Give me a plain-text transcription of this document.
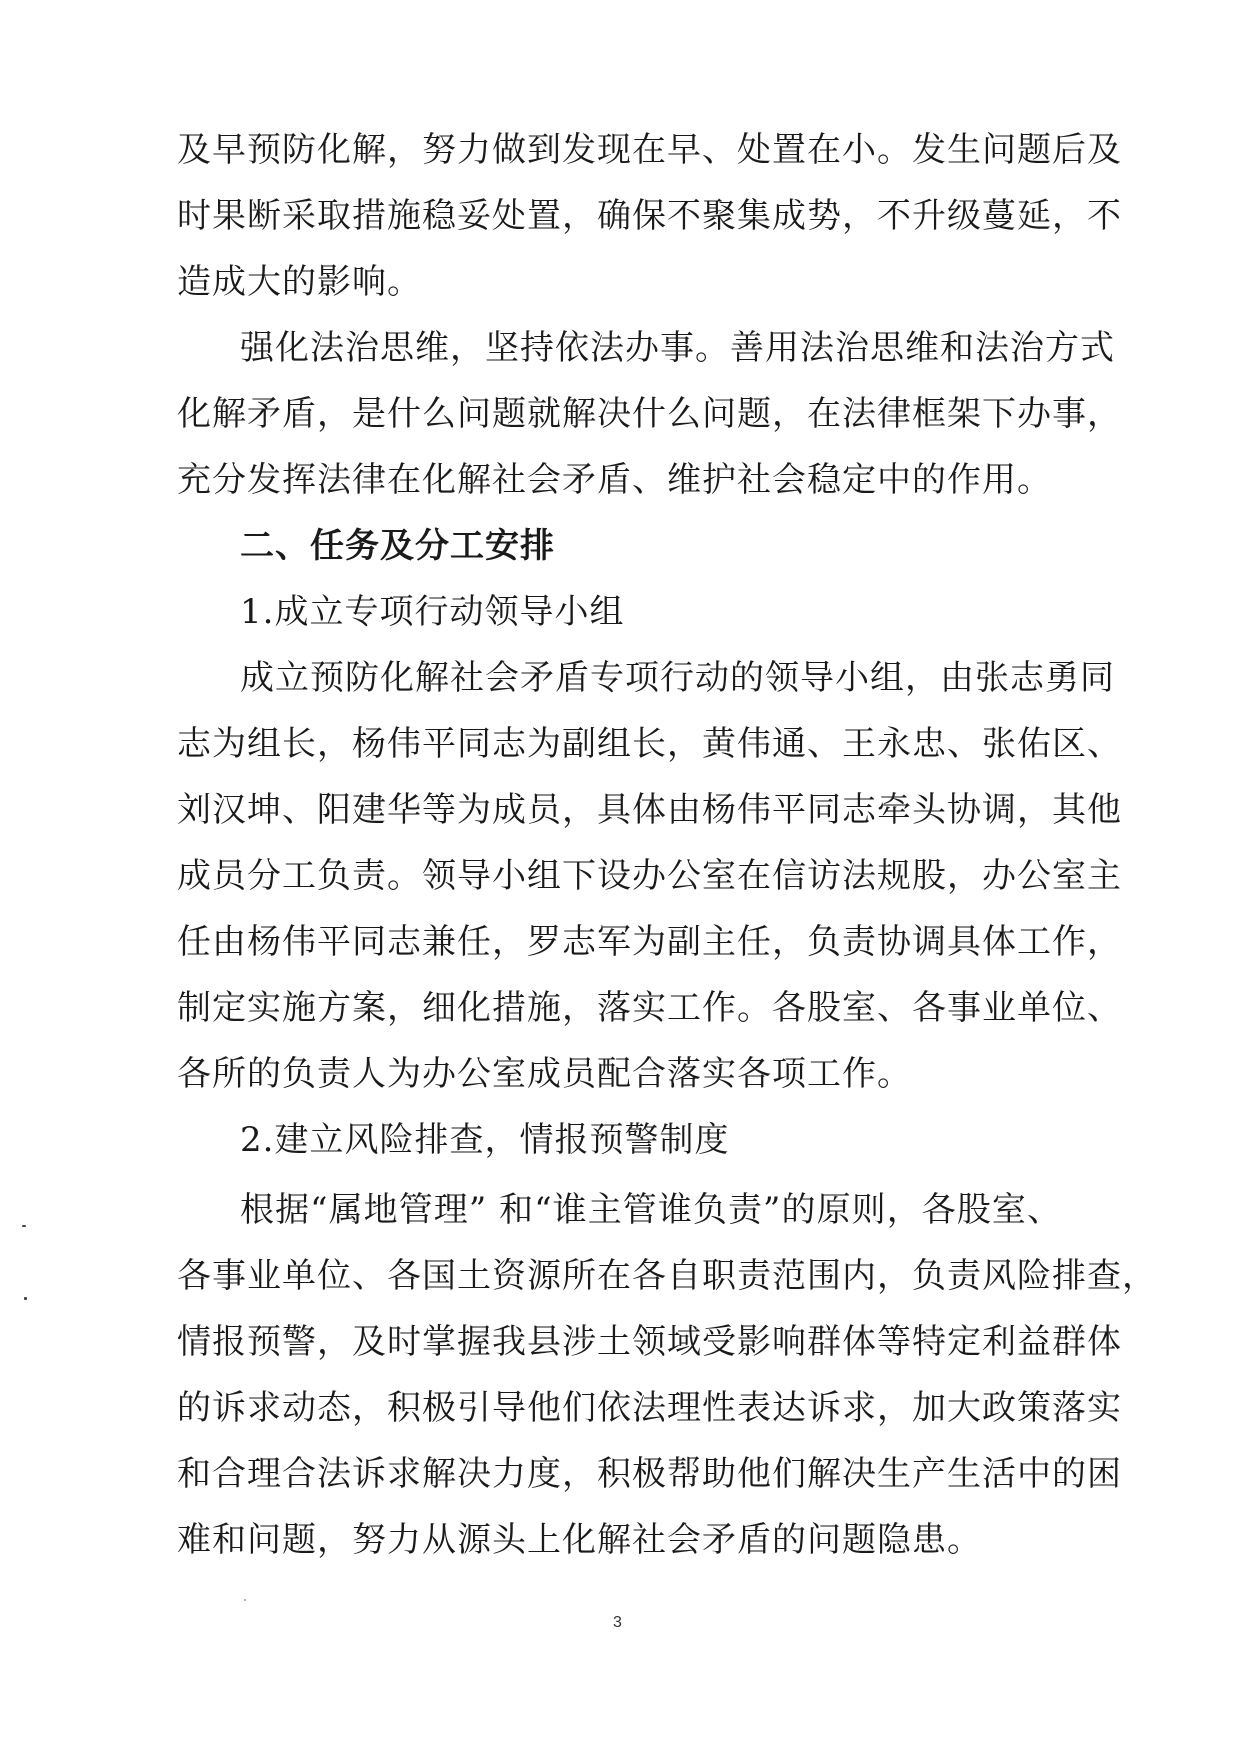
及早预防化解，努力做到发现在早、处置在小。发生问题后及
时果断采取措施稳妥处置，确保不聚集成势，不升级蔓延，不
造成大的影响。
强化法治思维，坚持依法办事。善用法治思维和法治方式
化解矛盾，是什么问题就解决什么问题，在法律框架下办事，
充分发挥法律在化解社会矛盾、维护社会稳定中的作用。
二、任务及分工安排
1.成立专项行动领导小组
成立预防化解社会矛盾专项行动的领导小组，由张志勇同
志为组长，杨伟平同志为副组长，黄伟通、王永忠、张佑区、
刘汉坤、阳建华等为成员，具体由杨伟平同志牵头协调，其他
成员分工负责。领导小组下设办公室在信访法规股，办公室主
任由杨伟平同志兼任，罗志军为副主任，负责协调具体工作，
制定实施方案，细化措施，落实工作。各股室、各事业单位、
各所的负责人为办公室成员配合落实各项工作。
2.建立风险排查，情报预警制度
根据“属地管理” 和“谁主管谁负责”的原则，各股室、
各事业单位、各国土资源所在各自职责范围内，负责风险排查，
情报预警，及时掌握我县涉土领域受影响群体等特定利益群体
的诉求动态，积极引导他们依法理性表达诉求，加大政策落实
和合理合法诉求解决力度，积极帮助他们解决生产生活中的困
难和问题，努力从源头上化解社会矛盾的问题隐患。
3
